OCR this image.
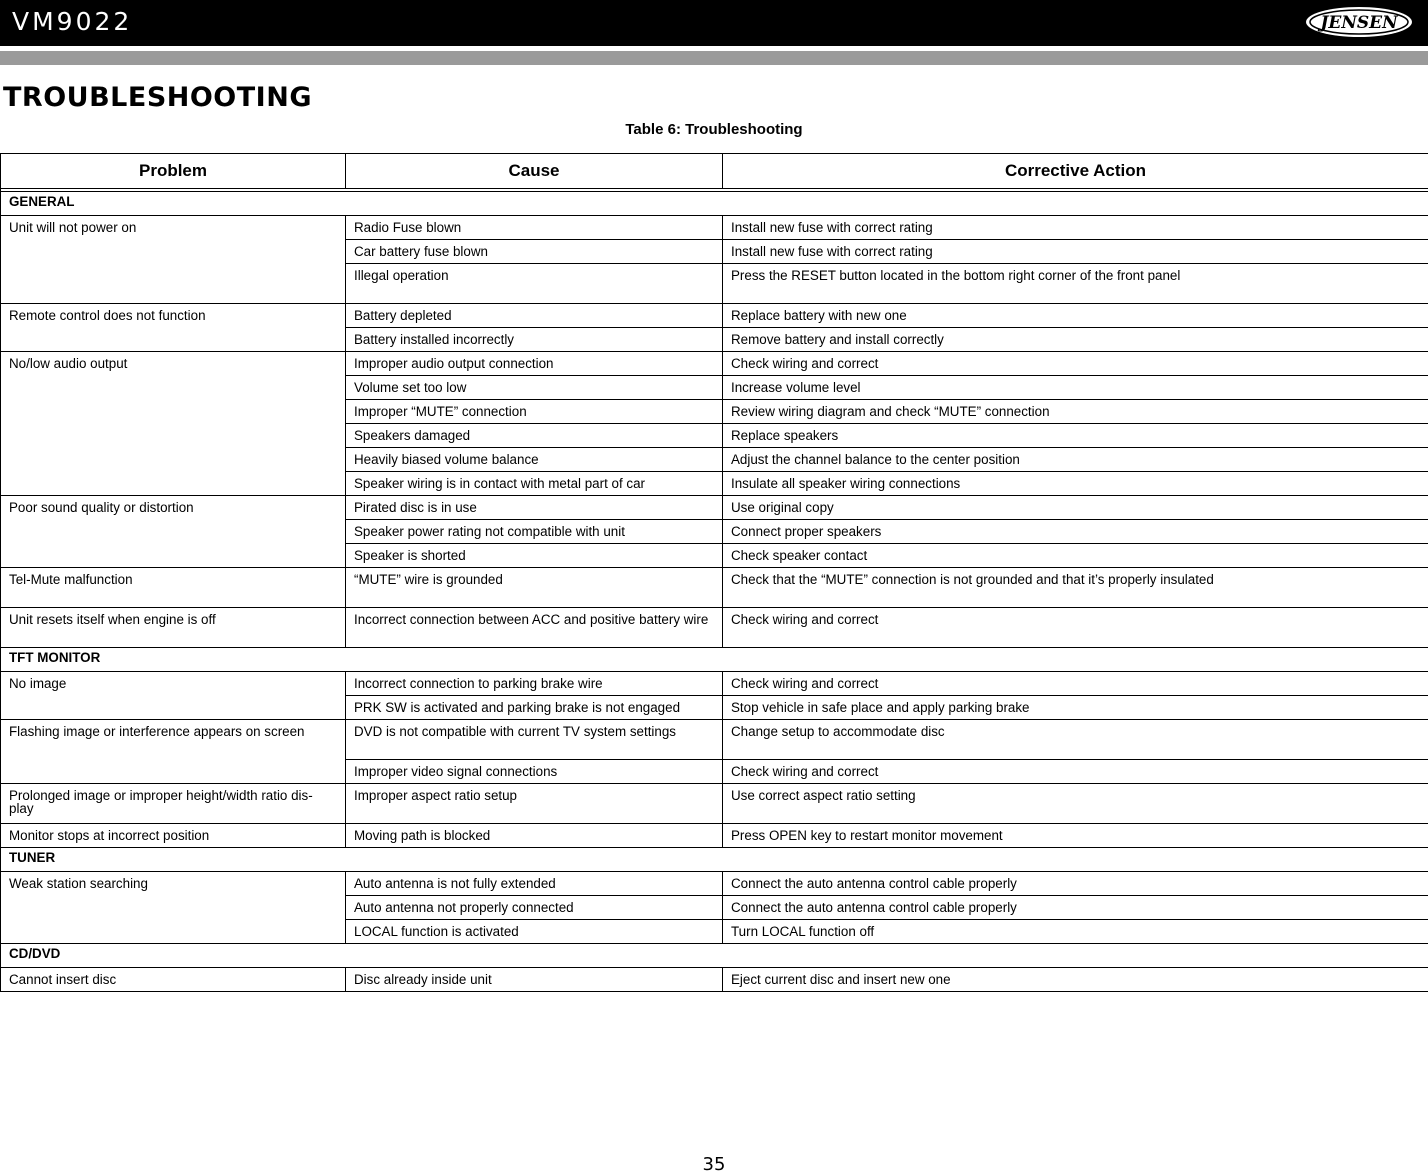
VM9022	JENSEN
TROUBLESHOOTING
Table 6: Troubleshooting
Problem	Cause	Corrective Action

GENERAL		
Unit will not power on	Radio Fuse blown	Install new fuse with correct rating
	Car battery fuse blown	Install new fuse with correct rating
	Illegal operation	Press the RESET button located in the bottom right corner of the front panel
Remote control does not function	Battery depleted	Replace battery with new one
	Battery installed incorrectly	Remove battery and install correctly
No/low audio output	Improper audio output connection	Check wiring and correct
	Volume set too low	Increase volume level
	Improper “MUTE” connection	Review wiring diagram and check “MUTE” connection
	Speakers damaged	Replace speakers
	Heavily biased volume balance	Adjust the channel balance to the center position
	Speaker wiring is in contact with metal part of car	Insulate all speaker wiring connections
Poor sound quality or distortion	Pirated disc is in use	Use original copy
	Speaker power rating not compatible with unit	Connect proper speakers
	Speaker is shorted	Check speaker contact
Tel-Mute malfunction	“MUTE” wire is grounded	Check that the “MUTE” connection is not grounded and that it’s properly insulated
Unit resets itself when engine is off	Incorrect connection between ACC and positive battery wire	Check wiring and correct
TFT MONITOR		
No image	Incorrect connection to parking brake wire	Check wiring and correct
	PRK SW is activated and parking brake is not engaged	Stop vehicle in safe place and apply parking brake
Flashing image or interference appears on screen	DVD is not compatible with current TV system settings	Change setup to accommodate disc
	Improper video signal connections	Check wiring and correct
Prolonged image or improper height/width ratio dis-play	Improper aspect ratio setup	Use correct aspect ratio setting
Monitor stops at incorrect position	Moving path is blocked	Press OPEN key to restart monitor movement
TUNER		
Weak station searching	Auto antenna is not fully extended	Connect the auto antenna control cable properly
	Auto antenna not properly connected	Connect the auto antenna control cable properly
	LOCAL function is activated	Turn LOCAL function off
CD/DVD		
Cannot insert disc	Disc already inside unit	Eject current disc and insert new one
35
